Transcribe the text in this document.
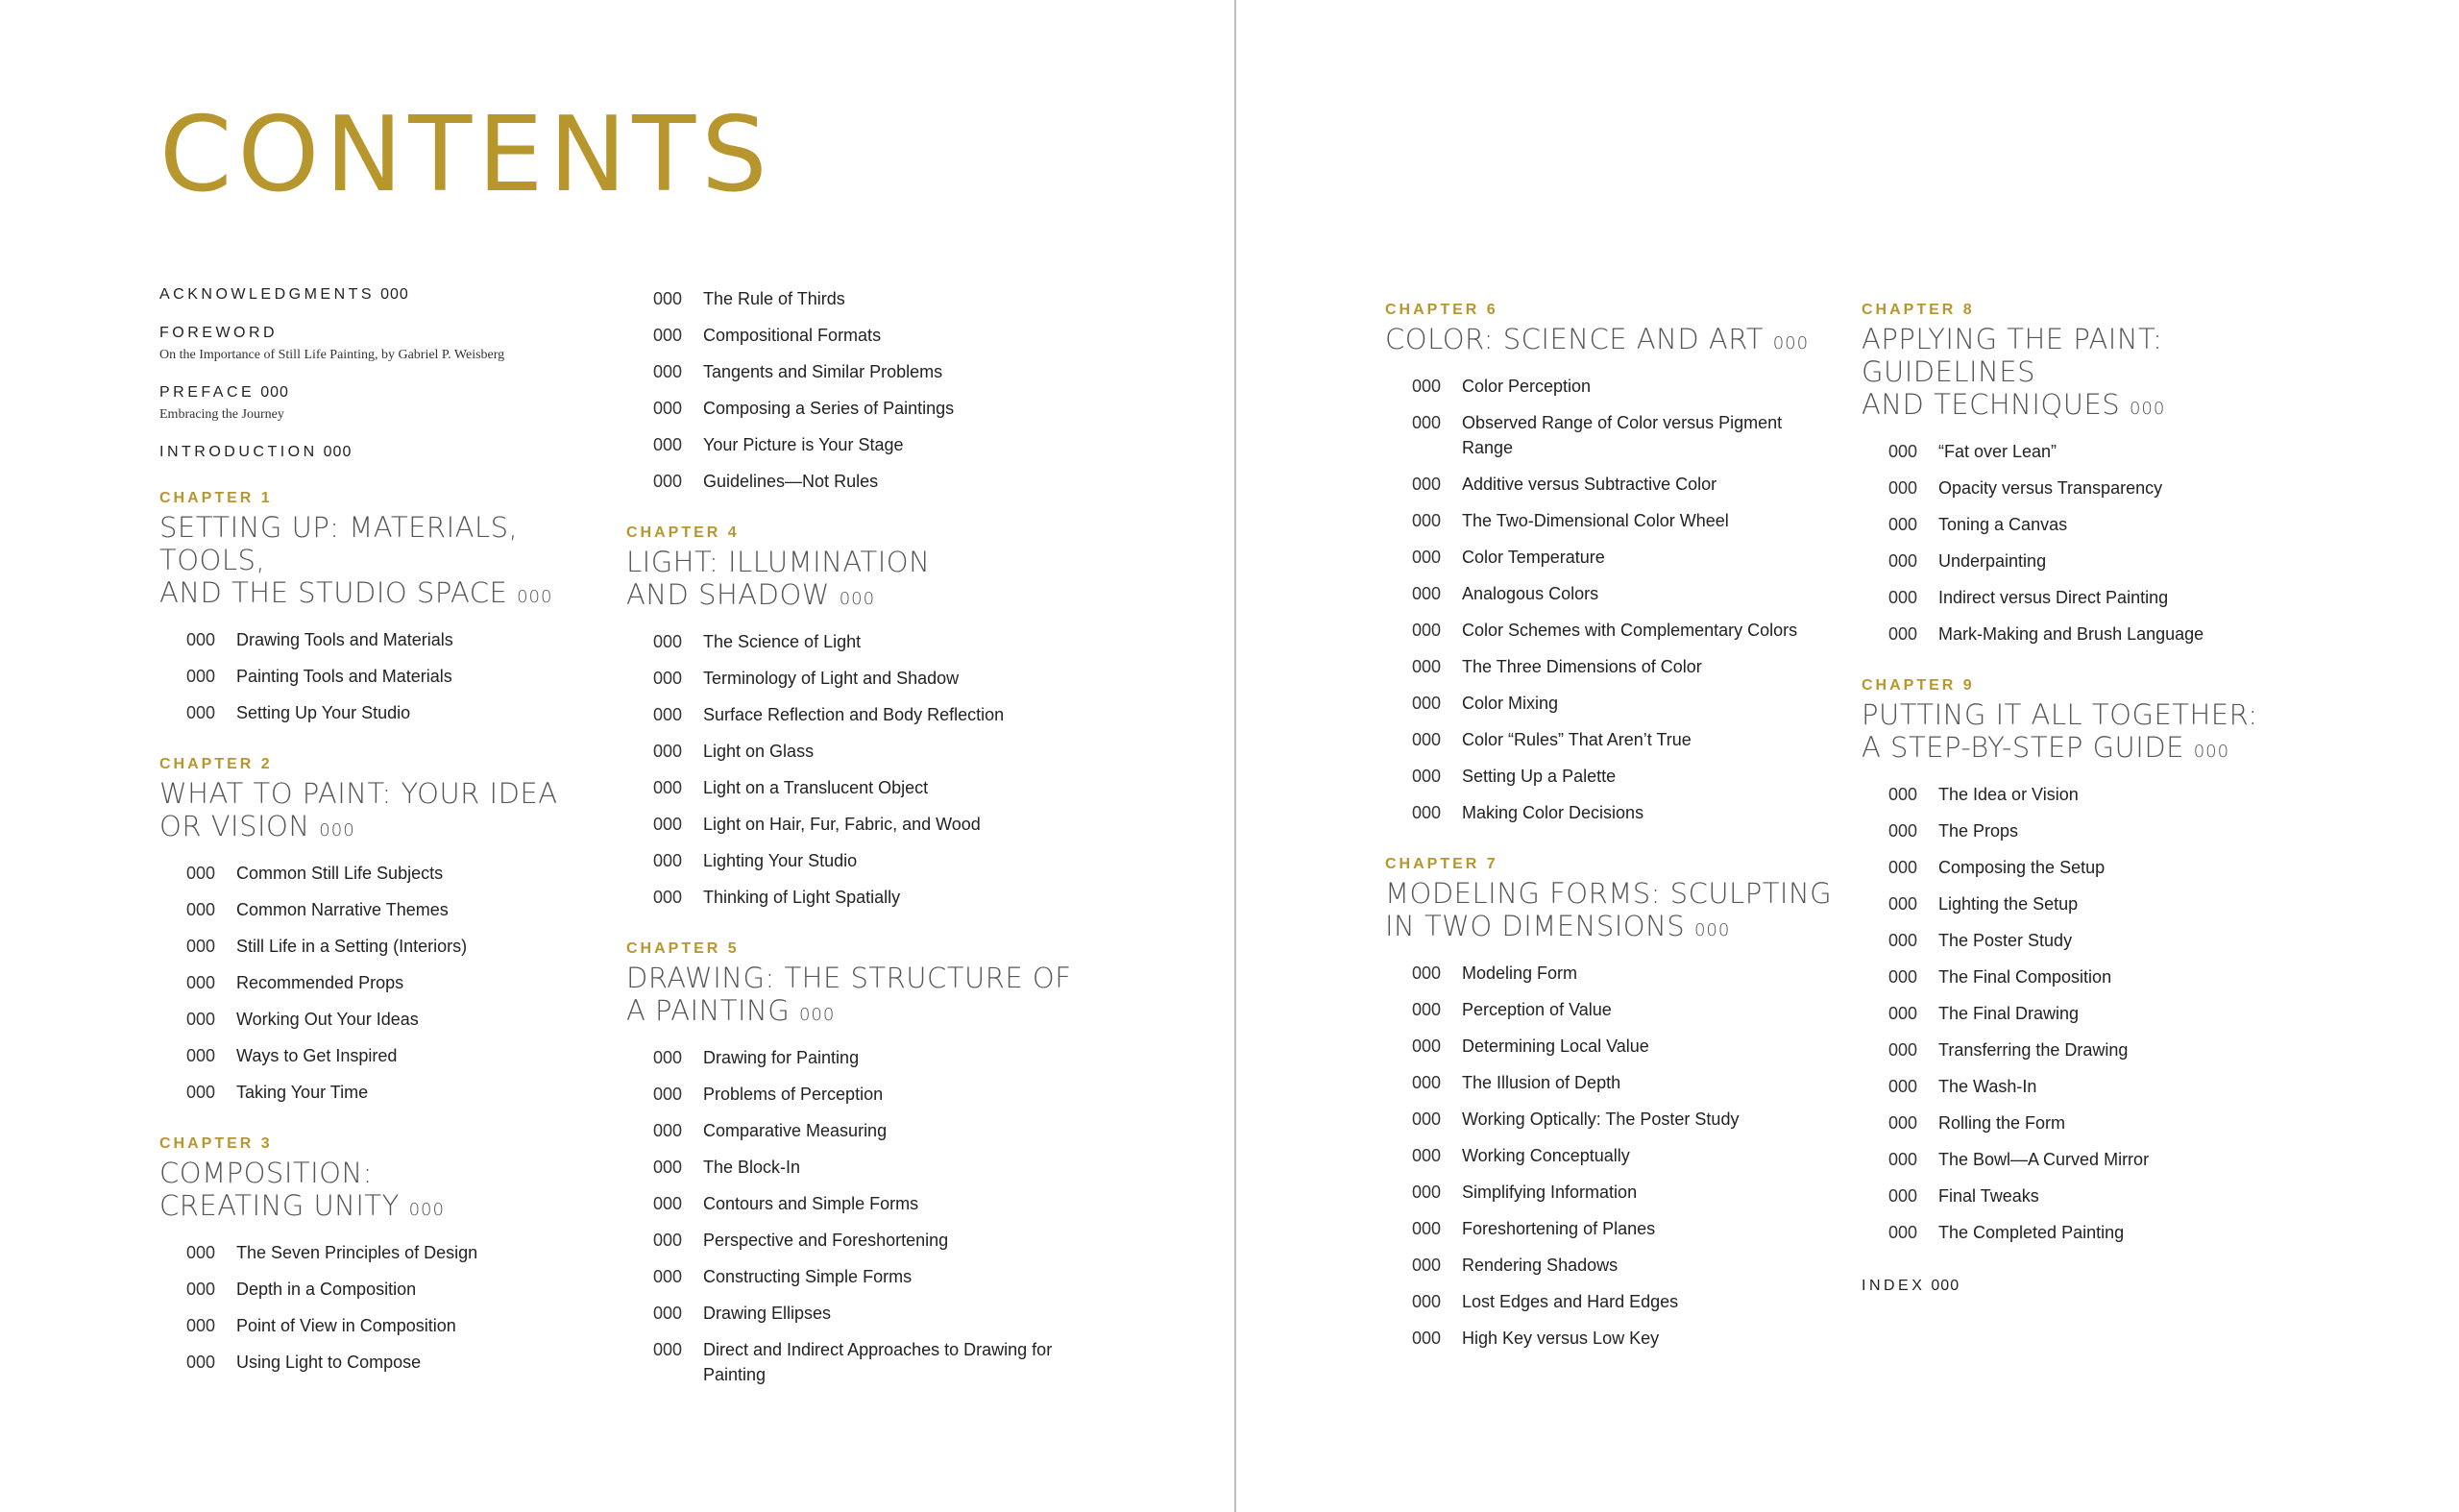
CONTENTS
ACKNOWLEDGMENTS 000
FOREWORD
On the Importance of Still Life Painting, by Gabriel P. Weisberg
PREFACE 000
Embracing the Journey
INTRODUCTION 000
CHAPTER 1
SETTING UP: MATERIALS, TOOLS,
AND THE STUDIO SPACE 000
000	Drawing Tools and Materials
000	Painting Tools and Materials
000	Setting Up Your Studio
CHAPTER 2
WHAT TO PAINT: YOUR IDEA
OR VISION 000
000	Common Still Life Subjects
000	Common Narrative Themes
000	Still Life in a Setting (Interiors)
000	Recommended Props
000	Working Out Your Ideas
000	Ways to Get Inspired
000	Taking Your Time
CHAPTER 3
COMPOSITION:
CREATING UNITY 000
000	The Seven Principles of Design
000	Depth in a Composition
000	Point of View in Composition
000	Using Light to Compose
000	The Rule of Thirds
000	Compositional Formats
000	Tangents and Similar Problems
000	Composing a Series of Paintings
000	Your Picture is Your Stage
000	Guidelines—Not Rules
CHAPTER 4
LIGHT: ILLUMINATION
AND SHADOW 000
000	The Science of Light
000	Terminology of Light and Shadow
000	Surface Reflection and Body Reflection
000	Light on Glass
000	Light on a Translucent Object
000	Light on Hair, Fur, Fabric, and Wood
000	Lighting Your Studio
000	Thinking of Light Spatially
CHAPTER 5
DRAWING: THE STRUCTURE OF
A PAINTING 000
000	Drawing for Painting
000	Problems of Perception
000	Comparative Measuring
000	The Block-In
000	Contours and Simple Forms
000	Perspective and Foreshortening
000	Constructing Simple Forms
000	Drawing Ellipses
000	Direct and Indirect Approaches to Drawing for Painting
CHAPTER 6
COLOR: SCIENCE AND ART 000
000	Color Perception
000	Observed Range of Color versus Pigment Range
000	Additive versus Subtractive Color
000	The Two-Dimensional Color Wheel
000	Color Temperature
000	Analogous Colors
000	Color Schemes with Complementary Colors
000	The Three Dimensions of Color
000	Color Mixing
000	Color “Rules” That Aren’t True
000	Setting Up a Palette
000	Making Color Decisions
CHAPTER 7
MODELING FORMS: SCULPTING
IN TWO DIMENSIONS 000
000	Modeling Form
000	Perception of Value
000	Determining Local Value
000	The Illusion of Depth
000	Working Optically: The Poster Study
000	Working Conceptually
000	Simplifying Information
000	Foreshortening of Planes
000	Rendering Shadows
000	Lost Edges and Hard Edges
000	High Key versus Low Key
CHAPTER 8
APPLYING THE PAINT: GUIDELINES
AND TECHNIQUES 000
000	“Fat over Lean”
000	Opacity versus Transparency
000	Toning a Canvas
000	Underpainting
000	Indirect versus Direct Painting
000	Mark-Making and Brush Language
CHAPTER 9
PUTTING IT ALL TOGETHER:
A STEP-BY-STEP GUIDE 000
000	The Idea or Vision
000	The Props
000	Composing the Setup
000	Lighting the Setup
000	The Poster Study
000	The Final Composition
000	The Final Drawing
000	Transferring the Drawing
000	The Wash-In
000	Rolling the Form
000	The Bowl—A Curved Mirror
000	Final Tweaks
000	The Completed Painting
INDEX 000
